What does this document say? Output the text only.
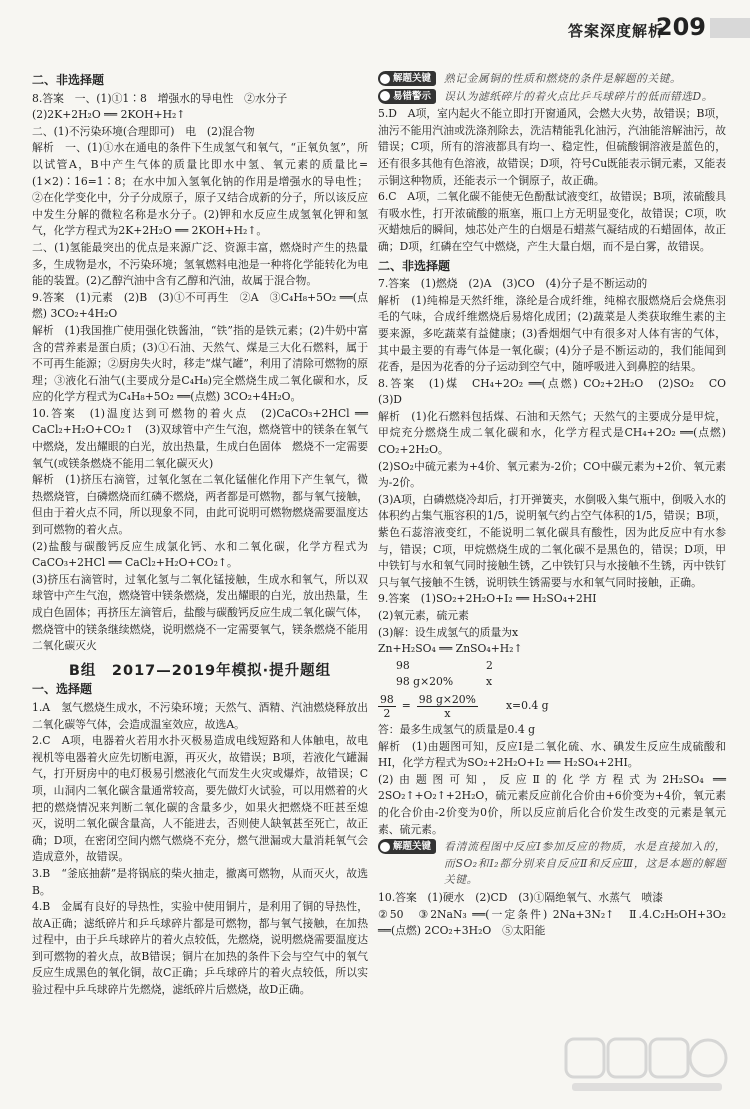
答案深度解析
209

二、非选择题

8.答案　一、(1)①1∶8　增强水的导电性　②水分子

(2)2K+2H₂O ══ 2KOH+H₂↑

二、(1)不污染环境(合理即可)　电　(2)混合物

解析　一、(1)①水在通电的条件下生成氢气和氧气，“正氧负氢”，所以试管A，B中产生气体的质量比即水中氢、氧元素的质量比=(1×2)∶16=1∶8；在水中加入氢氧化钠的作用是增强水的导电性；②在化学变化中，分子分成原子，原子又结合成新的分子，所以该反应中发生分解的微粒名称是水分子。(2)钾和水反应生成氢氧化钾和氢气，化学方程式为2K+2H₂O ══ 2KOH+H₂↑。

二、(1)氢能最突出的优点是来源广泛、资源丰富，燃烧时产生的热量多，生成物是水，不污染环境；氢氧燃料电池是一种将化学能转化为电能的装置。(2)乙醇汽油中含有乙醇和汽油，故属于混合物。

9.答案　(1)元素　(2)B　(3)①不可再生　②A　③C₄H₈+5O₂ ══(点燃) 3CO₂+4H₂O

解析　(1)我国推广使用强化铁酱油，“铁”指的是铁元素；(2)牛奶中富含的营养素是蛋白质；(3)①石油、天然气、煤是三大化石燃料，属于不可再生能源；②厨房失火时，移走“煤气罐”，利用了清除可燃物的原理；③液化石油气(主要成分是C₄H₈)完全燃烧生成二氧化碳和水，反应的化学方程式为C₄H₈+5O₂ ══(点燃) 3CO₂+4H₂O。

10.答案　(1)温度达到可燃物的着火点　(2)CaCO₃+2HCl ══ CaCl₂+H₂O+CO₂↑　(3)双球管中产生气泡，燃烧管中的镁条在氧气中燃烧，发出耀眼的白光，放出热量，生成白色固体　燃烧不一定需要氧气(或镁条燃烧不能用二氧化碳灭火)

解析　(1)挤压右滴管，过氧化氢在二氧化锰催化作用下产生氧气，微热燃烧管，白磷燃烧而红磷不燃烧，两者都是可燃物，都与氧气接触，但由于着火点不同，所以现象不同，由此可说明可燃物燃烧需要温度达到可燃物的着火点。

(2)盐酸与碳酸钙反应生成氯化钙、水和二氧化碳，化学方程式为CaCO₃+2HCl ══ CaCl₂+H₂O+CO₂↑。

(3)挤压右滴管时，过氧化氢与二氧化锰接触，生成水和氧气，所以双球管中产生气泡，燃烧管中镁条燃烧，发出耀眼的白光，放出热量，生成白色固体；再挤压左滴管后，盐酸与碳酸钙反应生成二氧化碳气体，燃烧管中的镁条继续燃烧，说明燃烧不一定需要氧气，镁条燃烧不能用二氧化碳灭火

B组　2017—2019年模拟·提升题组

一、选择题

1.A　氢气燃烧生成水，不污染环境；天然气、酒精、汽油燃烧释放出二氧化碳等气体，会造成温室效应，故选A。

2.C　A项，电器着火若用水扑灭极易造成电线短路和人体触电，故电视机等电器着火应先切断电源，再灭火，故错误；B项，若液化气罐漏气，打开厨房中的电灯极易引燃液化气而发生火灾或爆炸，故错误；C项，山洞内二氧化碳含量通常较高，要先做灯火试验，可以用燃着的火把的燃烧情况来判断二氧化碳的含量多少，如果火把燃烧不旺甚至熄灭，说明二氧化碳含量高，人不能进去，否则使人缺氧甚至死亡，故正确；D项，在密闭空间内燃气燃烧不充分，燃气泄漏或大量消耗氧气会造成意外，故错误。

3.B　“釜底抽薪”是将锅底的柴火抽走，撤离可燃物，从而灭火，故选B。

4.B　金属有良好的导热性，实验中使用铜片，是利用了铜的导热性，故A正确；滤纸碎片和乒乓球碎片都是可燃物，都与氧气接触，在加热过程中，由于乒乓球碎片的着火点较低，先燃烧，说明燃烧需要温度达到可燃物的着火点，故B错误；铜片在加热的条件下会与空气中的氧气反应生成黑色的氧化铜，故C正确；乒乓球碎片的着火点较低，所以实验过程中乒乓球碎片先燃烧，滤纸碎片后燃烧，故D正确。

解题关键 熟记金属铜的性质和燃烧的条件是解题的关键。

易错警示 误认为滤纸碎片的着火点比乒乓球碎片的低而错选D。

5.D　A项，室内起火不能立即打开窗通风，会燃大火势，故错误；B项，油污不能用汽油或洗涤剂除去，洗洁精能乳化油污，汽油能溶解油污，故错误；C项，所有的溶液都具有均一、稳定性，但硫酸铜溶液是蓝色的，还有很多其他有色溶液，故错误；D项，符号Cu既能表示铜元素，又能表示铜这种物质，还能表示一个铜原子，故正确。

6.C　A项，二氧化碳不能使无色酚酞试液变红，故错误；B项，浓硫酸具有吸水性，打开浓硫酸的瓶塞，瓶口上方无明显变化，故错误；C项，吹灭蜡烛后的瞬间，烛芯处产生的白烟是石蜡蒸气凝结成的石蜡固体，故正确；D项，红磷在空气中燃烧，产生大量白烟，而不是白雾，故错误。

二、非选择题

7.答案　(1)燃烧　(2)A　(3)CO　(4)分子是不断运动的

解析　(1)纯棉是天然纤维，涤纶是合成纤维，纯棉衣服燃烧后会烧焦羽毛的气味，合成纤维燃烧后易熔化成团；(2)蔬菜是人类获取维生素的主要来源，多吃蔬菜有益健康；(3)香烟烟气中有很多对人体有害的气体，其中最主要的有毒气体是一氧化碳；(4)分子是不断运动的，我们能闻到花香，是因为花香的分子运动到空气中，随呼吸进入到鼻腔的结果。

8.答案　(1)煤　CH₄+2O₂ ══(点燃) CO₂+2H₂O　(2)SO₂　CO　(3)D

解析　(1)化石燃料包括煤、石油和天然气；天然气的主要成分是甲烷，甲烷充分燃烧生成二氧化碳和水，化学方程式是CH₄+2O₂ ══(点燃) CO₂+2H₂O。

(2)SO₂中硫元素为+4价、氧元素为-2价；CO中碳元素为+2价、氧元素为-2价。

(3)A项，白磷燃烧冷却后，打开弹簧夹，水倒吸入集气瓶中，倒吸入水的体积约占集气瓶容积的1/5，说明氧气约占空气体积的1/5，错误；B项，紫色石蕊溶液变红，不能说明二氧化碳具有酸性，因为此反应中有水参与，错误；C项，甲烷燃烧生成的二氧化碳不是黑色的，错误；D项，甲中铁钉与水和氧气同时接触生锈，乙中铁钉只与水接触不生锈，丙中铁钉只与氧气接触不生锈，说明铁生锈需要与水和氧气同时接触，正确。

9.答案　(1)SO₂+2H₂O+I₂ ══ H₂SO₄+2HI

(2)氧元素，硫元素

(3)解：设生成氢气的质量为x

Zn+H₂SO₄ ══ ZnSO₄+H₂↑

98	2

98 g×20%	x

$\frac{98}{2} = \frac{98 g\times 20\%}{x}$	x=0.4 g

答：最多生成氢气的质量是0.4 g

解析　(1)由题图可知，反应Ⅰ是二氧化硫、水、碘发生反应生成硫酸和HI，化学方程式为SO₂+2H₂O+I₂ ══ H₂SO₄+2HI。

(2)由题图可知，反应Ⅱ的化学方程式为2H₂SO₄ ══ 2SO₂↑+O₂↑+2H₂O，硫元素反应前化合价由+6价变为+4价，氧元素的化合价由-2价变为0价，所以反应前后化合价发生改变的元素是氧元素、硫元素。

解题关键 看清流程图中反应Ⅰ参加反应的物质，水是直接加入的，而SO₂和I₂都分别来自反应Ⅱ和反应Ⅲ，这是本题的解题关键。

10.答案　(1)硬水　(2)CD　(3)①隔绝氧气、水蒸气　喷漆

②50　③2NaN₃ ══(一定条件) 2Na+3N₂↑　Ⅱ.4.C₂H₅OH+3O₂ ══(点燃) 2CO₂+3H₂O　⑤太阳能
